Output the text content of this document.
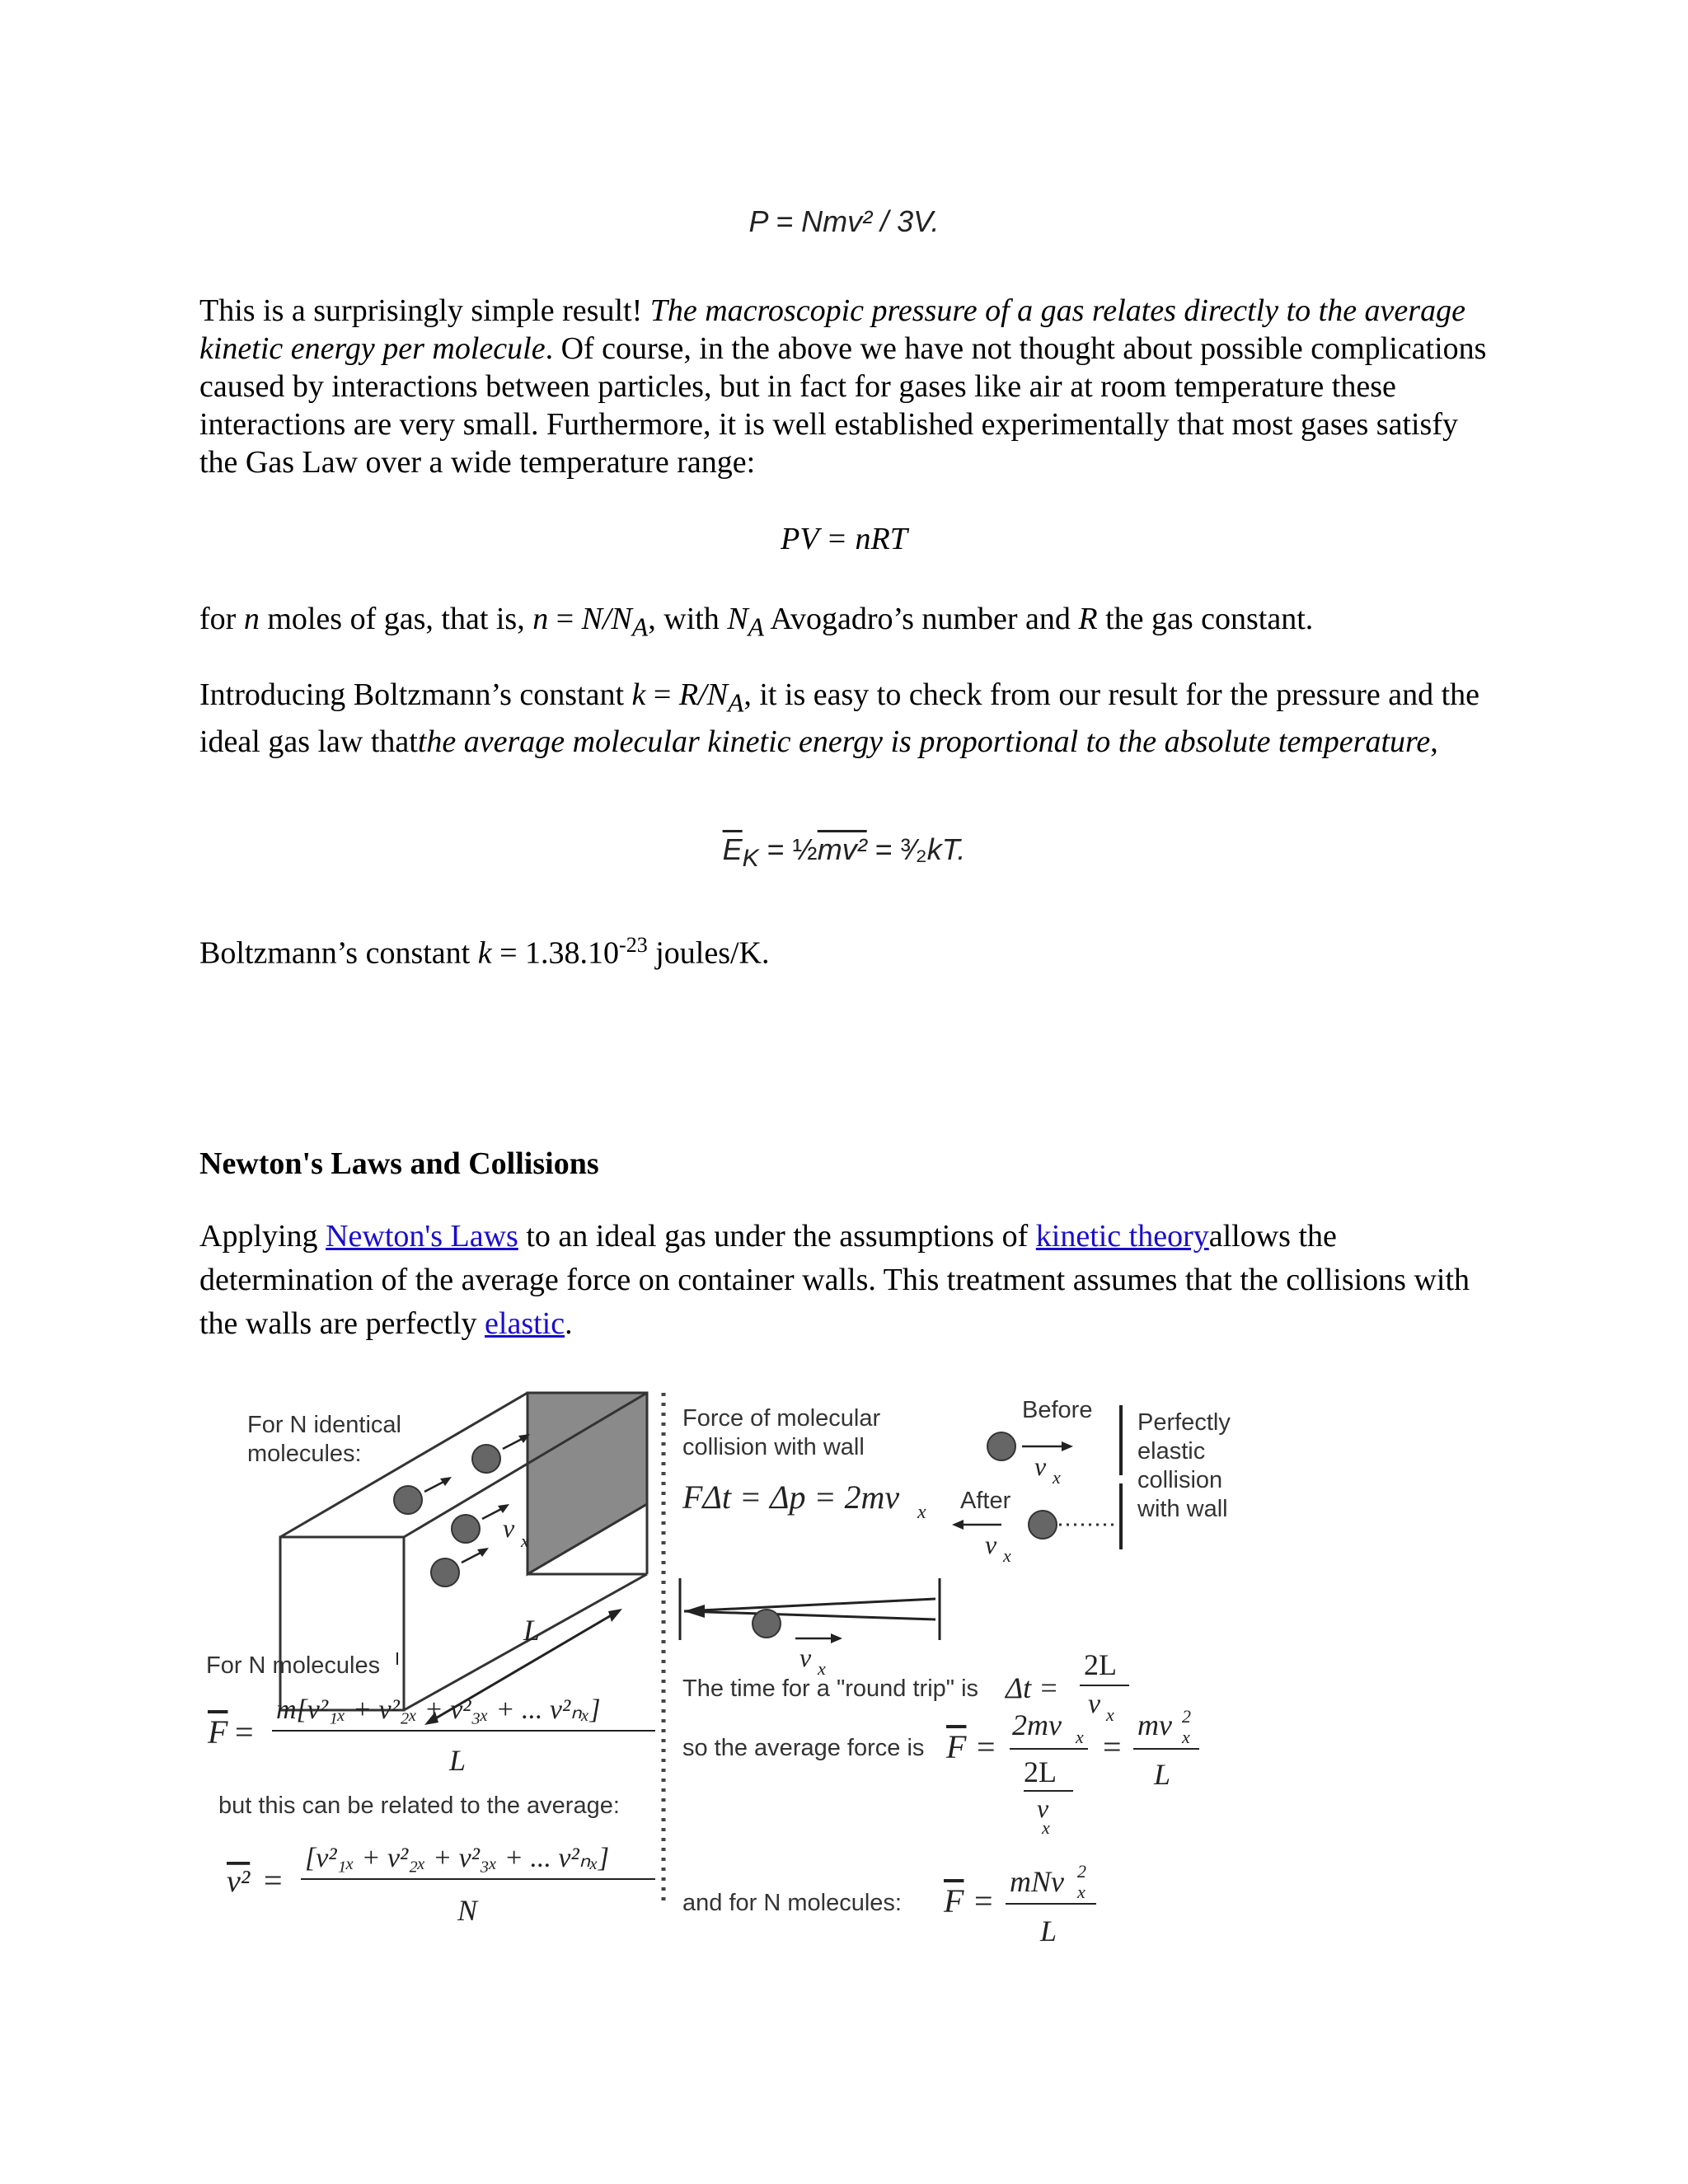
P = Nmv² / 3V.
This is a surprisingly simple result! The macroscopic pressure of a gas relates directly to the average kinetic energy per molecule. Of course, in the above we have not thought about possible complications caused by interactions between particles, but in fact for gases like air at room temperature these interactions are very small. Furthermore, it is well established experimentally that most gases satisfy the Gas Law over a wide temperature range:
PV = nRT
for n moles of gas, that is, $n = N/N_A$, with $N_A$ Avogadro’s number and R the gas constant.
Introducing Boltzmann’s constant $k = R/N_A$, it is easy to check from our result for the pressure and the ideal gas law thatthe average molecular kinetic energy is proportional to the absolute temperature,
$\overline{E}_K$ = ½mv² = ³⁄₂kT.
Boltzmann’s constant $k = 1.38.10^{-23}$ joules/K.
Newton's Laws and Collisions
Applying Newton's Laws to an ideal gas under the assumptions of kinetic theoryallows the determination of the average force on container walls. This treatment assumes that the collisions with the walls are perfectly elastic.
v x
L
For N identical
molecules:
Force of molecular
collision with wall
FΔt = Δp = 2mv x
Before
v x
After
v x
Perfectly
elastic
collision
with wall
v x
The time for a "round trip" is Δt =
2L
v x
For N molecules
F =
m[v²₁ₓ + v²₂ₓ + v²₃ₓ + ... v²ₙₓ]
L
but this can be related to the average:
v² =
[v²₁ₓ + v²₂ₓ + v²₃ₓ + ... v²ₙₓ]
N
so the average force is F =
2mv x
2L
v
x
=
mv 2
x
L
and for N molecules: F =
mNv 2
x
L
